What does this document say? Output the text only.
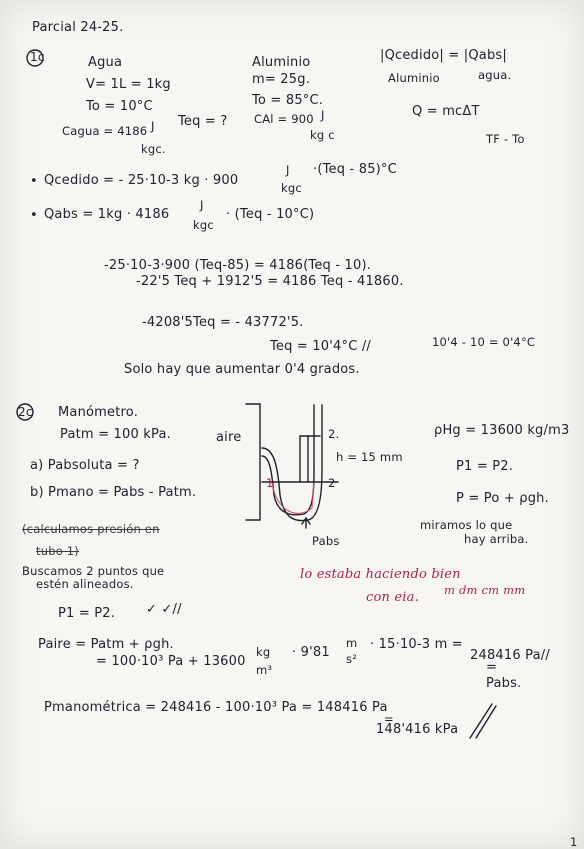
Parcial 24-25.
1c	Agua
V= 1L = 1kg
To = 10°C
Cagua = 4186 J
kgc.
Teq = ?
Aluminio
m= 25g.
To = 85°C.
CAl = 900 J
kg c
|Qcedido| = |Qabs|
Aluminio	agua.
Q = mcΔT
TF - To
• Qcedido = - 25·10-3 kg · 900
J
kgc
·(Teq - 85)°C
• Qabs = 1kg · 4186
J
kgc
· (Teq - 10°C)
-25·10-3·900 (Teq-85) = 4186(Teq - 10).
-22'5 Teq + 1912'5 = 4186 Teq - 41860.
-4208'5Teq = - 43772'5.
Teq = 10'4°C //	10'4 - 10 = 0'4°C
Solo hay que aumentar 0'4 grados.
2c Manómetro.
Patm = 100 kPa.
a) Pabsoluta = ?
b) Pmano = Pabs - Patm.
(calculamos presión en
tubo 1)
Buscamos 2 puntos que
estén alineados.
P1 = P2. ✓ ✓//
aire	2.
h = 15 mm
1	2
Pabs
ρHg = 13600 kg/m3
P1 = P2.
P = Po + ρgh.
miramos lo que
hay arriba.
lo estaba haciendo bien
con eia. m dm cm mm
Paire = Patm + ρgh.
= 100·10³ Pa + 13600
kg
m³
· 9'81
m
s²
· 15·10-3 m =
248416 Pa//
=
Pabs.
Pmanométrica = 248416 - 100·10³ Pa = 148416 Pa
=
148'416 kPa
1
